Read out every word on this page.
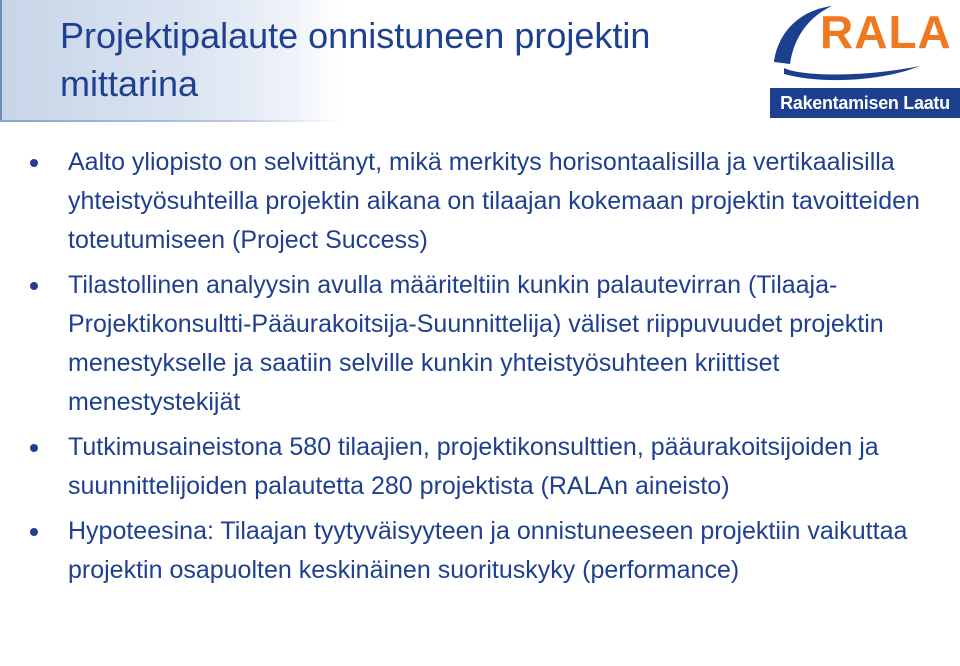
Projektipalaute onnistuneen projektin mittarina
RALA
Rakentamisen Laatu ry
Aalto yliopisto on selvittänyt, mikä merkitys horisontaalisilla ja vertikaalisilla yhteistyösuhteilla projektin aikana on tilaajan kokemaan projektin tavoitteiden toteutumiseen (Project Success)
Tilastollinen analyysin avulla määriteltiin kunkin palautevirran (Tilaaja-Projektikonsultti-Pääurakoitsija-Suunnittelija) väliset riippuvuudet projektin menestykselle ja saatiin selville kunkin yhteistyösuhteen kriittiset menestystekijät
Tutkimusaineistona 580 tilaajien, projektikonsulttien, pääurakoitsijoiden ja suunnittelijoiden palautetta 280 projektista (RALAn aineisto)
Hypoteesina: Tilaajan tyytyväisyyteen ja onnistuneeseen projektiin vaikuttaa projektin osapuolten keskinäinen suorituskyky (performance)
